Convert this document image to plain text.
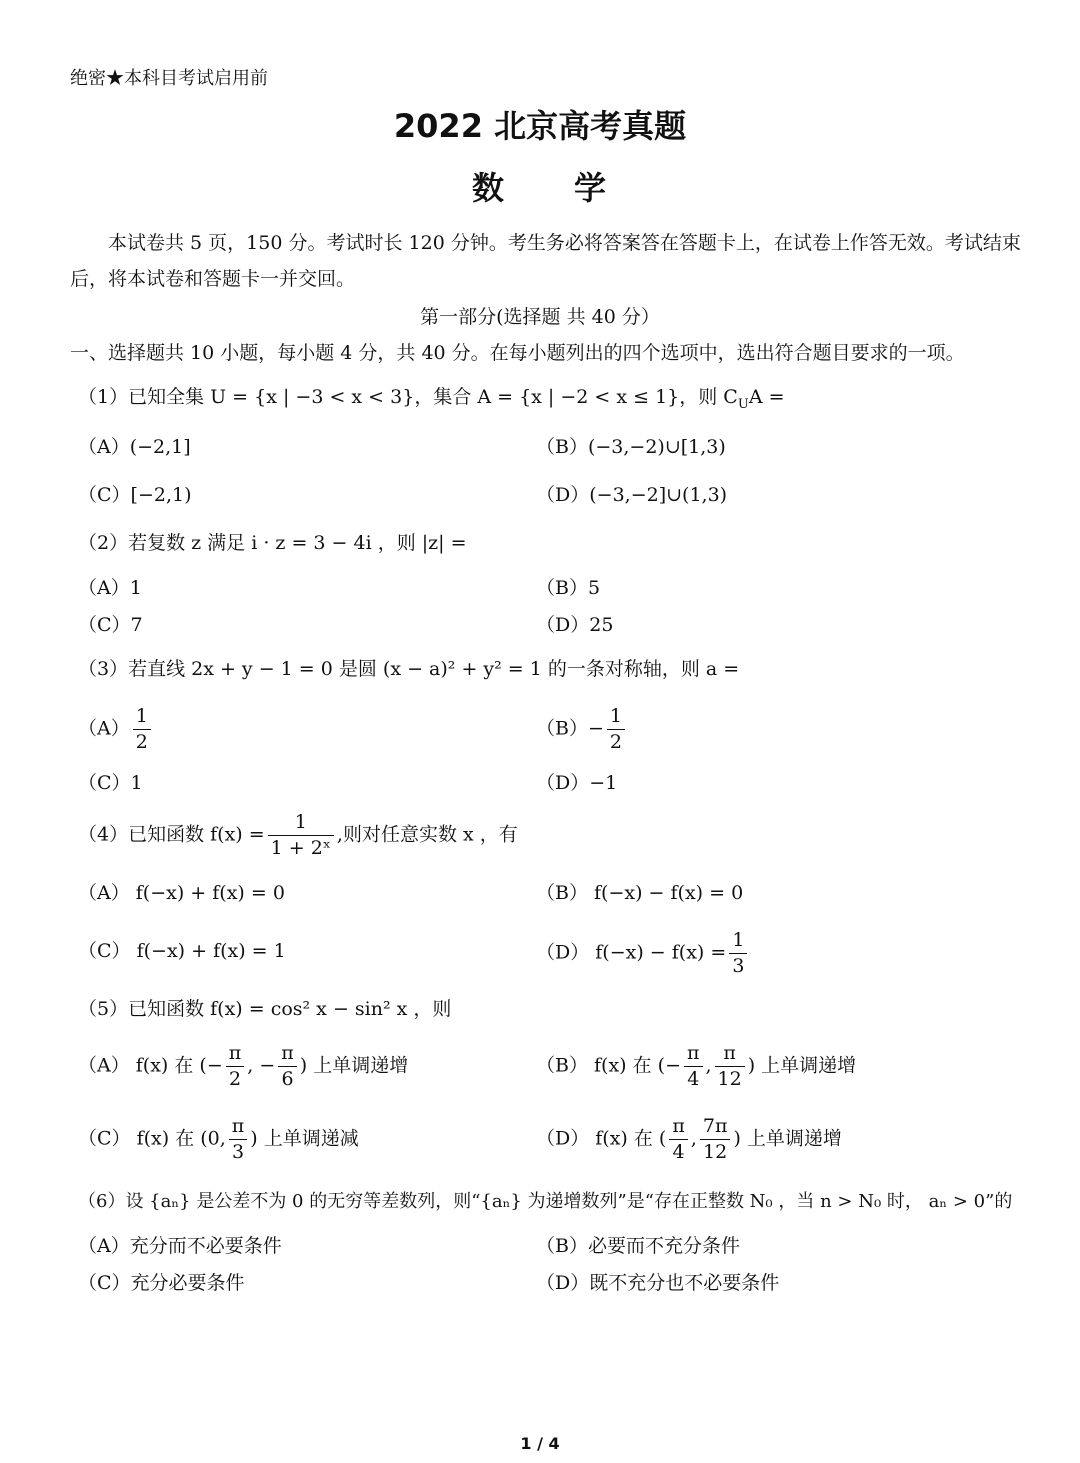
绝密★本科目考试启用前
2022 北京高考真题
数　　学
本试卷共 5 页，150 分。考试时长 120 分钟。考生务必将答案答在答题卡上，在试卷上作答无效。考试结束
后，将本试卷和答题卡一并交回。
第一部分(选择题 共 40 分）
一、选择题共 10 小题，每小题 4 分，共 40 分。在每小题列出的四个选项中，选出符合题目要求的一项。
（1）已知全集 U = {x | −3 < x < 3}，集合 A = {x | −2 < x ≤ 1}，则 $C_UA$ =
（A）(−2,1]	（B）(−3,−2)∪[1,3)
（C）[−2,1)	（D）(−3,−2]∪(1,3)
（2）若复数 z 满足 i · z = 3 − 4i ，则 |z| =
（A）1	（B）5
（C）7	（D）25
（3）若直线 2x + y − 1 = 0 是圆 (x − a)² + y² = 1 的一条对称轴，则 a =
$(A) \frac{1}{2}$	$(B)- \frac{1}{2}$
（C）1	（D）−1
（4）已知函数 $f(x) = \frac{1}{\text{1 + 2ˣ}}$ ,则对任意实数 x ，有
（A） f(−x) + f(x) = 0	（B） f(−x) − f(x) = 0
（C） f(−x) + f(x) = 1	（D） $f(-x) - f(x) = \frac{1}{3}$
（5）已知函数 f(x) = cos² x − sin² x ，则
（A） f(x) 在 (− $\frac{\pi}{2}$ , − $\frac{\pi}{6}$ ) 上单调递增	（B） f(x) 在 (− $\frac{\pi}{4}$ , $\frac{\pi}{12}$ ) 上单调递增
（C） f(x) 在 (0, $\frac{\pi}{3}$ ) 上单调递减	（D） f(x) 在 ( $\frac{\pi}{4}$ , $\frac{7\pi}{12}$ ) 上单调递增
（6）设 {aₙ} 是公差不为 0 的无穷等差数列，则“{aₙ} 为递增数列”是“存在正整数 N₀ ，当 n > N₀ 时， aₙ > 0”的
（A）充分而不必要条件	（B）必要而不充分条件
（C）充分必要条件	（D）既不充分也不必要条件
1 / 4
